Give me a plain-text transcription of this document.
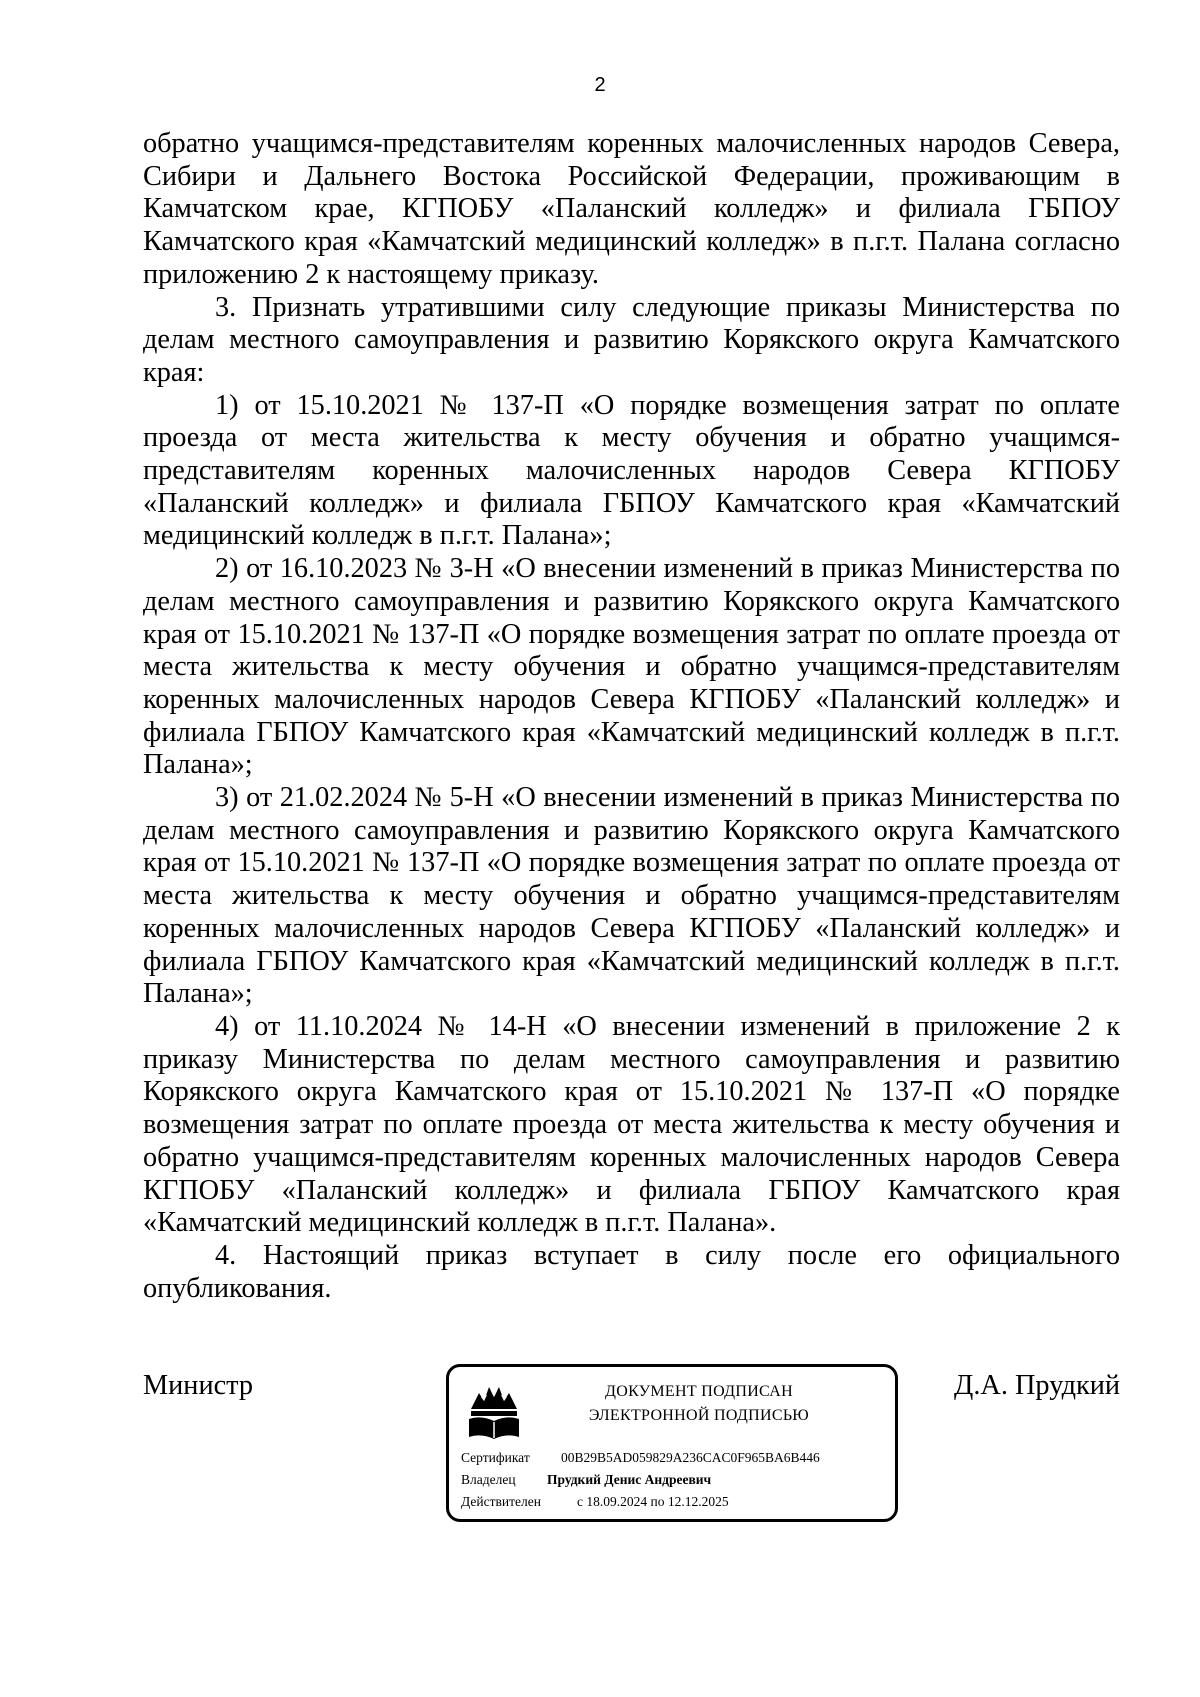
2

обратно учащимся-представителям коренных малочисленных народов Севера, Сибири и Дальнего Востока Российской Федерации, проживающим в Камчатском крае, КГПОБУ «Паланский колледж» и филиала ГБПОУ Камчатского края «Камчатский медицинский колледж» в п.г.т. Палана согласно приложению 2 к настоящему приказу.

3. Признать утратившими силу следующие приказы Министерства по делам местного самоуправления и развитию Корякского округа Камчатского края:

1) от 15.10.2021 № 137-П «О порядке возмещения затрат по оплате проезда от места жительства к месту обучения и обратно учащимся-представителям коренных малочисленных народов Севера КГПОБУ «Паланский колледж» и филиала ГБПОУ Камчатского края «Камчатский медицинский колледж в п.г.т. Палана»;

2) от 16.10.2023 № 3-Н «О внесении изменений в приказ Министерства по делам местного самоуправления и развитию Корякского округа Камчатского края от 15.10.2021 № 137-П «О порядке возмещения затрат по оплате проезда от места жительства к месту обучения и обратно учащимся-представителям коренных малочисленных народов Севера КГПОБУ «Паланский колледж» и филиала ГБПОУ Камчатского края «Камчатский медицинский колледж в п.г.т. Палана»;

3) от 21.02.2024 № 5-Н «О внесении изменений в приказ Министерства по делам местного самоуправления и развитию Корякского округа Камчатского края от 15.10.2021 № 137-П «О порядке возмещения затрат по оплате проезда от места жительства к месту обучения и обратно учащимся-представителям коренных малочисленных народов Севера КГПОБУ «Паланский колледж» и филиала ГБПОУ Камчатского края «Камчатский медицинский колледж в п.г.т. Палана»;

4) от 11.10.2024 № 14-Н «О внесении изменений в приложение 2 к приказу Министерства по делам местного самоуправления и развитию Корякского округа Камчатского края от 15.10.2021 № 137-П «О порядке возмещения затрат по оплате проезда от места жительства к месту обучения и обратно учащимся-представителям коренных малочисленных народов Севера КГПОБУ «Паланский колледж» и филиала ГБПОУ Камчатского края «Камчатский медицинский колледж в п.г.т. Палана».

4. Настоящий приказ вступает в силу после его официального опубликования.

Министр	ДОКУМЕНТ ПОДПИСАН
ЭЛЕКТРОННОЙ ПОДПИСЬЮ
Сертификат 00B29B5AD059829A236CAC0F965BA6B446
Владелец Прудкий Денис Андреевич
Действителен	с 18.09.2024 по 12.12.2025
Д.А. Прудкий
